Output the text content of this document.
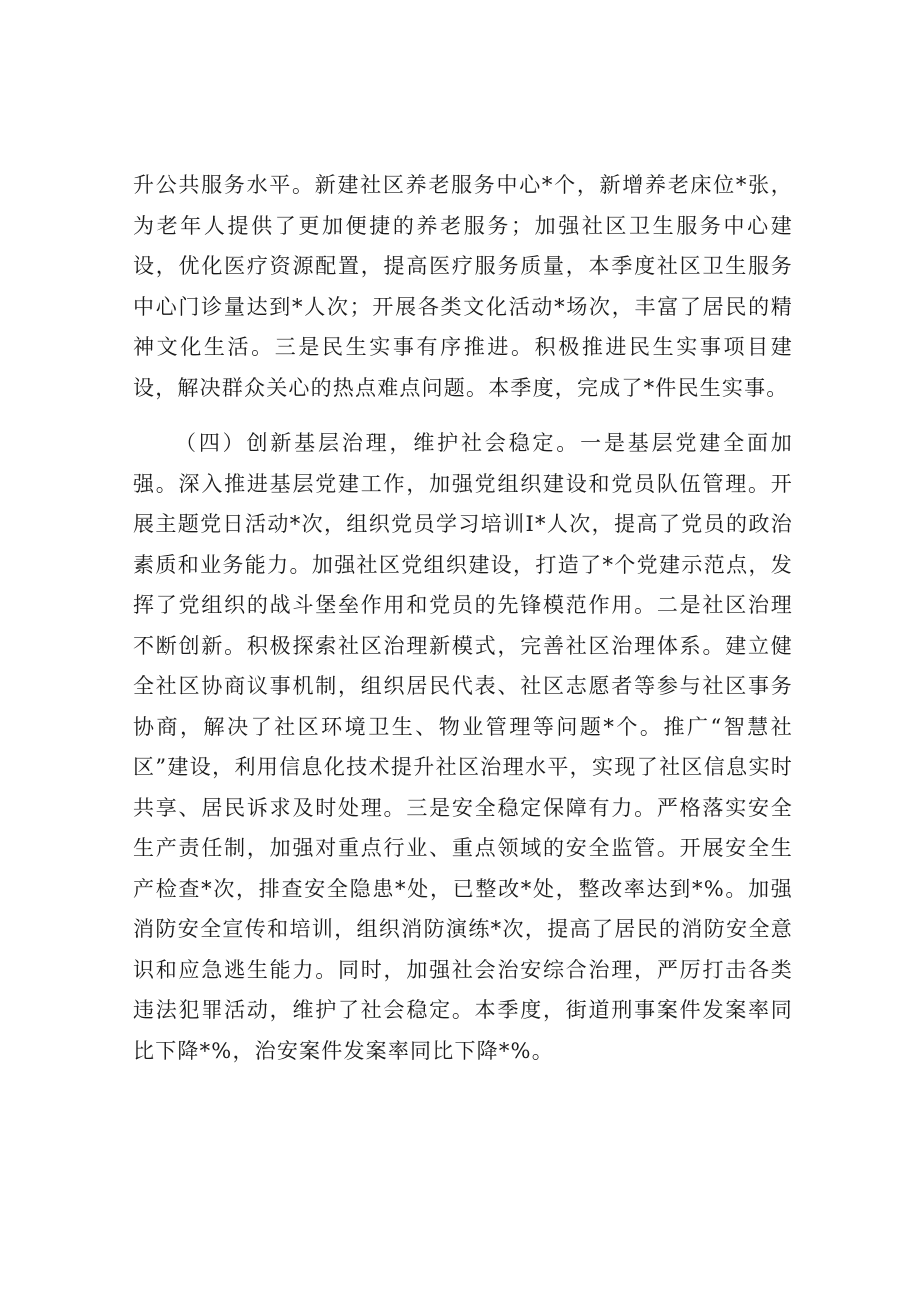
升公共服务水平。新建社区养老服务中心*个，新增养老床位*张，为老年人提供了更加便捷的养老服务；加强社区卫生服务中心建设，优化医疗资源配置，提高医疗服务质量，本季度社区卫生服务中心门诊量达到*人次；开展各类文化活动*场次，丰富了居民的精神文化生活。三是民生实事有序推进。积极推进民生实事项目建设，解决群众关心的热点难点问题。本季度，完成了*件民生实事。

（四）创新基层治理，维护社会稳定。一是基层党建全面加强。深入推进基层党建工作，加强党组织建设和党员队伍管理。开展主题党日活动*次，组织党员学习培训I*人次，提高了党员的政治素质和业务能力。加强社区党组织建设，打造了*个党建示范点，发挥了党组织的战斗堡垒作用和党员的先锋模范作用。二是社区治理不断创新。积极探索社区治理新模式，完善社区治理体系。建立健全社区协商议事机制，组织居民代表、社区志愿者等参与社区事务协商，解决了社区环境卫生、物业管理等问题*个。推广“智慧社区”建设，利用信息化技术提升社区治理水平，实现了社区信息实时共享、居民诉求及时处理。三是安全稳定保障有力。严格落实安全生产责任制，加强对重点行业、重点领域的安全监管。开展安全生产检查*次，排查安全隐患*处，已整改*处，整改率达到*%。加强消防安全宣传和培训，组织消防演练*次，提高了居民的消防安全意识和应急逃生能力。同时，加强社会治安综合治理，严厉打击各类违法犯罪活动，维护了社会稳定。本季度，街道刑事案件发案率同比下降*%，治安案件发案率同比下降*%。
